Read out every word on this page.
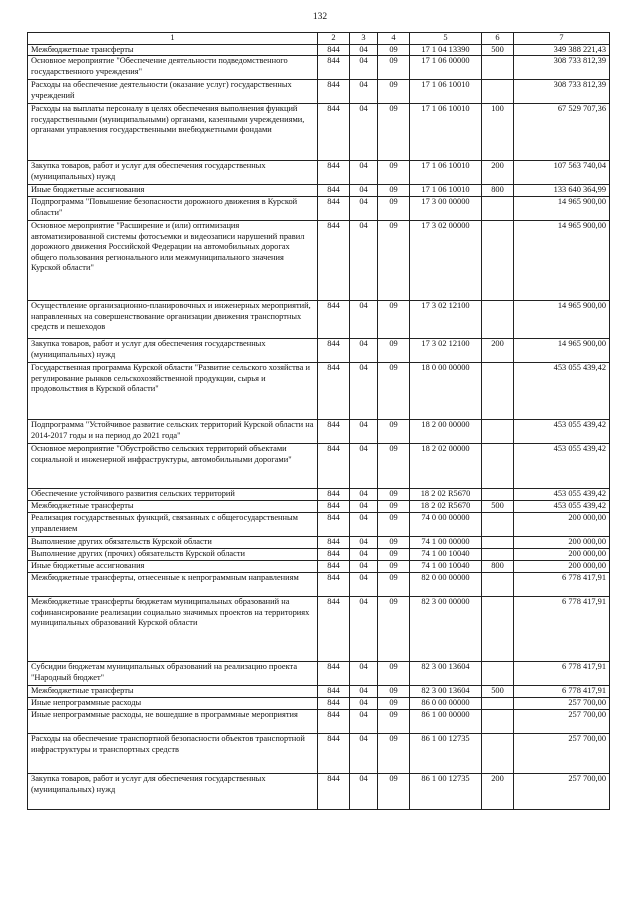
132
1	2	3	4	5	6	7
Межбюджетные трансферты	844	04	09	17 1 04 13390	500	349 388 221,43
Основное мероприятие "Обеспечение деятельности подведомственного государственного учреждения"	844	04	09	17 1 06 00000		308 733 812,39
Расходы на обеспечение деятельности (оказание услуг) государственных учреждений	844	04	09	17 1 06 10010		308 733 812,39
Расходы на выплаты персоналу в целях обеспечения выполнения функций государственными (муниципальными) органами, казенными учреждениями, органами управления государственными внебюджетными фондами	844	04	09	17 1 06 10010	100	67 529 707,36
Закупка товаров, работ и услуг для обеспечения государственных (муниципальных) нужд	844	04	09	17 1 06 10010	200	107 563 740,04
Иные бюджетные ассигнования	844	04	09	17 1 06 10010	800	133 640 364,99
Подпрограмма "Повышение безопасности дорожного движения в Курской области"	844	04	09	17 3 00 00000		14 965 900,00
Основное мероприятие "Расширение и (или) оптимизация автоматизированной системы фотосъемки и видеозаписи нарушений правил дорожного движения Российской Федерации на автомобильных дорогах общего пользования регионального или межмуниципального значения Курской области"	844	04	09	17 3 02 00000		14 965 900,00
Осуществление организационно-планировочных и инженерных мероприятий, направленных на совершенствование организации движения транспортных средств и пешеходов	844	04	09	17 3 02 12100		14 965 900,00
Закупка товаров, работ и услуг для обеспечения государственных (муниципальных) нужд	844	04	09	17 3 02 12100	200	14 965 900,00
Государственная программа Курской области "Развитие сельского хозяйства и регулирование рынков сельскохозяйственной продукции, сырья и продовольствия в Курской области"	844	04	09	18 0 00 00000		453 055 439,42
Подпрограмма "Устойчивое развитие сельских территорий Курской области на 2014-2017 годы и на период до 2021 года"	844	04	09	18 2 00 00000		453 055 439,42
Основное мероприятие "Обустройство сельских территорий объектами социальной и инженерной инфраструктуры, автомобильными дорогами"	844	04	09	18 2 02 00000		453 055 439,42
Обеспечение устойчивого развития сельских территорий	844	04	09	18 2 02 R5670		453 055 439,42
Межбюджетные трансферты	844	04	09	18 2 02 R5670	500	453 055 439,42
Реализация государственных функций, связанных с общегосударственным управлением	844	04	09	74 0 00 00000		200 000,00
Выполнение других обязательств Курской области	844	04	09	74 1 00 00000		200 000,00
Выполнение других (прочих) обязательств Курской области	844	04	09	74 1 00 10040		200 000,00
Иные бюджетные ассигнования	844	04	09	74 1 00 10040	800	200 000,00
Межбюджетные трансферты, отнесенные к непрограммным направлениям	844	04	09	82 0 00 00000		6 778 417,91
Межбюджетные трансферты бюджетам муниципальных образований на софинансирование реализации социально значимых проектов на территориях муниципальных образований Курской области	844	04	09	82 3 00 00000		6 778 417,91
Субсидии бюджетам муниципальных образований на реализацию проекта "Народный бюджет"	844	04	09	82 3 00 13604		6 778 417,91
Межбюджетные трансферты	844	04	09	82 3 00 13604	500	6 778 417,91
Иные непрограммные расходы	844	04	09	86 0 00 00000		257 700,00
Иные непрограммные расходы, не вошедшие в программные мероприятия	844	04	09	86 1 00 00000		257 700,00
Расходы на обеспечение транспортной безопасности объектов транспортной инфраструктуры и транспортных средств	844	04	09	86 1 00 12735		257 700,00
Закупка товаров, работ и услуг для обеспечения государственных (муниципальных) нужд	844	04	09	86 1 00 12735	200	257 700,00
